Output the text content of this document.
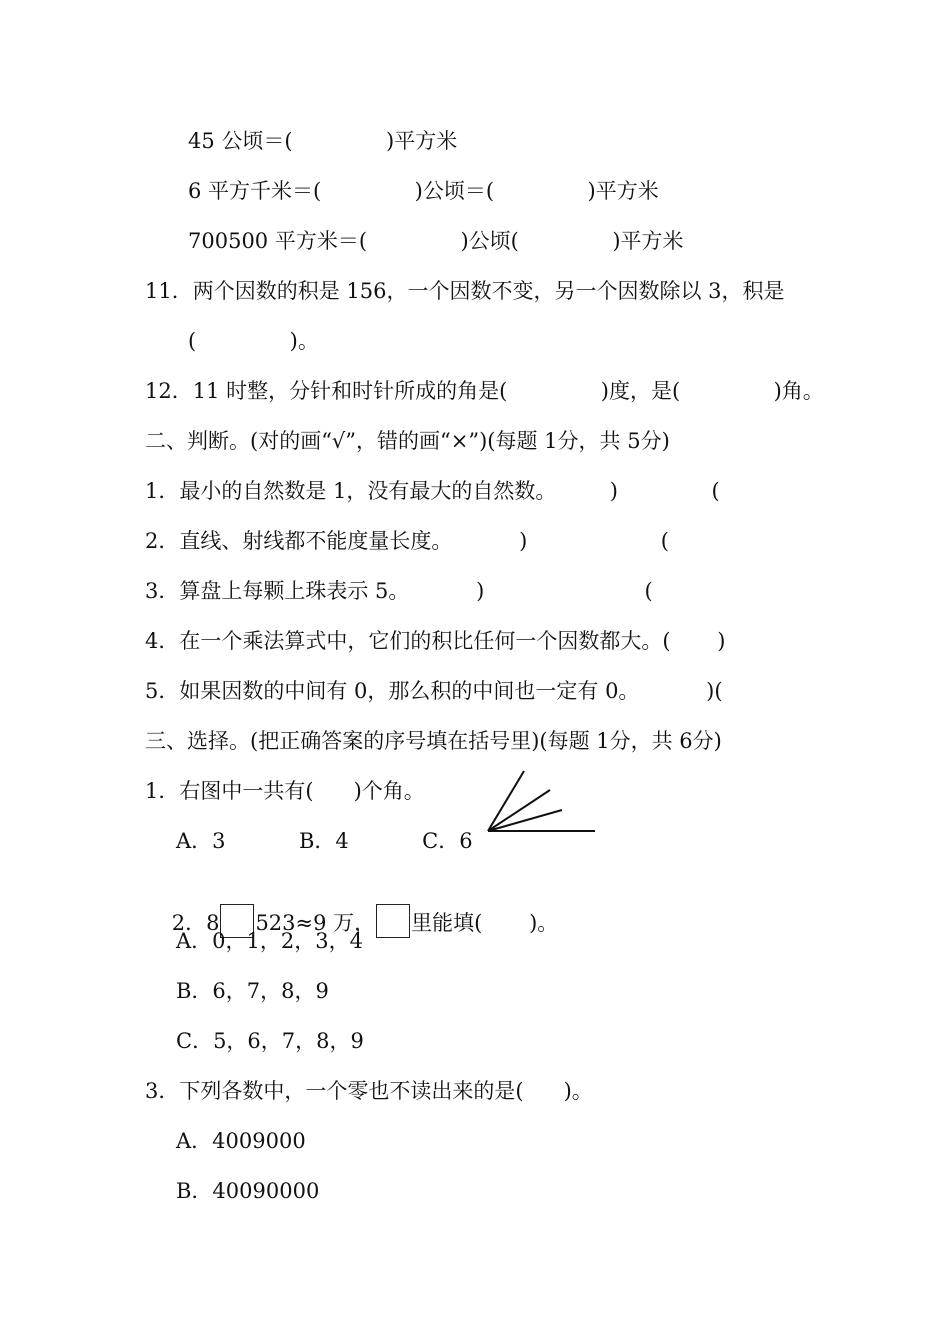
45 公顷＝(              )平方米
6 平方千米＝(              )公顷＝(              )平方米
700500 平方米＝(              )公顷(              )平方米
11．两个因数的积是 156，一个因数不变，另一个因数除以 3，积是
(              )。
12．11 时整，分针和时针所成的角是(              )度，是(              )角。
二、判断。(对的画“√”，错的画“×”)(每题 1分，共 5分)
1．最小的自然数是 1，没有最大的自然数。        )              (
2．直线、射线都不能度量长度。          )                    (
3．算盘上每颗上珠表示 5。          )                        (
4．在一个乘法算式中，它们的积比任何一个因数都大。(       )
5．如果因数的中间有 0，那么积的中间也一定有 0。          )(
三、选择。(把正确答案的序号填在括号里)(每题 1分，共 6分)
1．右图中一共有(      )个角。
A．3           B．4           C．6

2．8 523≈9 万， 里能填(       )。

A．0，1，2，3，4
B．6，7，8，9
C．5，6，7，8，9
3．下列各数中，一个零也不读出来的是(      )。
A．4009000
B．40090000
